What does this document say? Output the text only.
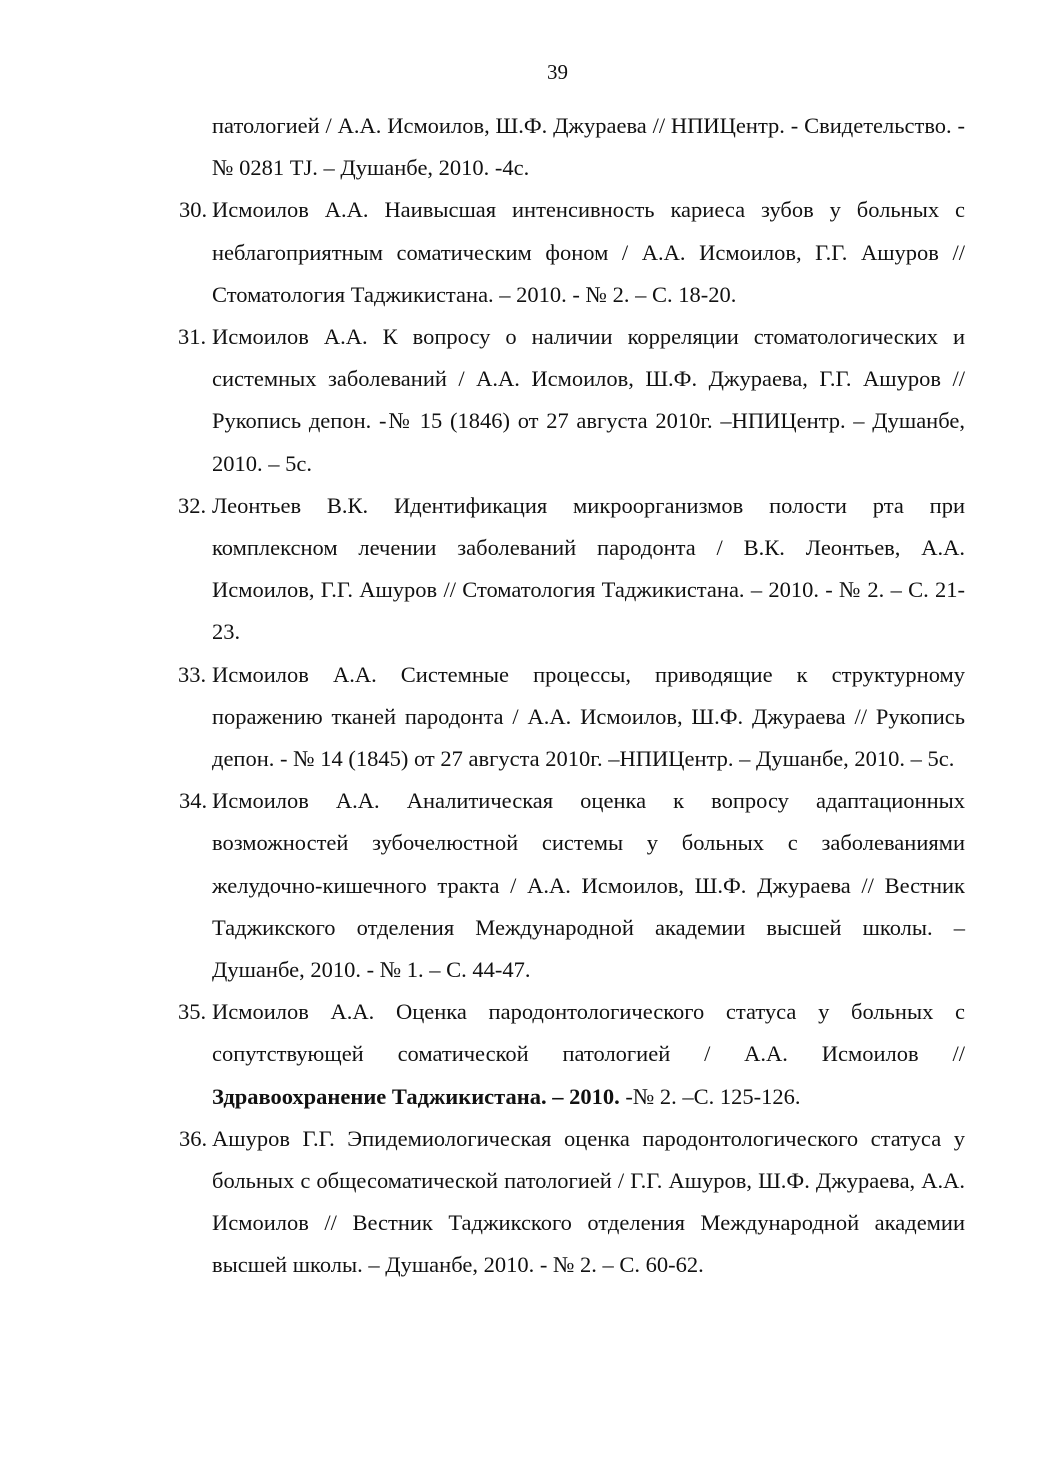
39
патологией / А.А. Исмоилов, Ш.Ф. Джураева // НПИЦентр. - Свидетельство. - № 0281 TJ. – Душанбе, 2010. -4с.
30. Исмоилов А.А. Наивысшая интенсивность кариеса зубов у больных с неблагоприятным соматическим фоном / А.А. Исмоилов, Г.Г. Ашуров // Стоматология Таджикистана. – 2010. - № 2. – С. 18-20.
31. Исмоилов А.А. К вопросу о наличии корреляции стоматологических и системных заболеваний / А.А. Исмоилов, Ш.Ф. Джураева, Г.Г. Ашуров // Рукопись депон. -№ 15 (1846) от 27 августа 2010г. –НПИЦентр. – Душанбе, 2010. – 5с.
32. Леонтьев В.К. Идентификация микроорганизмов полости рта при комплексном лечении заболеваний пародонта / В.К. Леонтьев, А.А. Исмоилов, Г.Г. Ашуров // Стоматология Таджикистана. – 2010. - № 2. – С. 21-23.
33. Исмоилов А.А. Системные процессы, приводящие к структурному поражению тканей пародонта / А.А. Исмоилов, Ш.Ф. Джураева // Рукопись депон. - № 14 (1845) от 27 августа 2010г. –НПИЦентр. – Душанбе, 2010. – 5с.
34. Исмоилов А.А. Аналитическая оценка к вопросу адаптационных возможностей зубочелюстной системы у больных с заболеваниями желудочно-кишечного тракта / А.А. Исмоилов, Ш.Ф. Джураева // Вестник Таджикского отделения Международной академии высшей школы. – Душанбе, 2010. - № 1. – С. 44-47.
35. Исмоилов А.А. Оценка пародонтологического статуса у больных с сопутствующей соматической патологией / А.А. Исмоилов // Здравоохранение Таджикистана. – 2010. -№ 2. –С. 125-126.
36. Ашуров Г.Г. Эпидемиологическая оценка пародонтологического статуса у больных с общесоматической патологией / Г.Г. Ашуров, Ш.Ф. Джураева, А.А. Исмоилов // Вестник Таджикского отделения Международной академии высшей школы. – Душанбе, 2010. - № 2. – С. 60-62.
